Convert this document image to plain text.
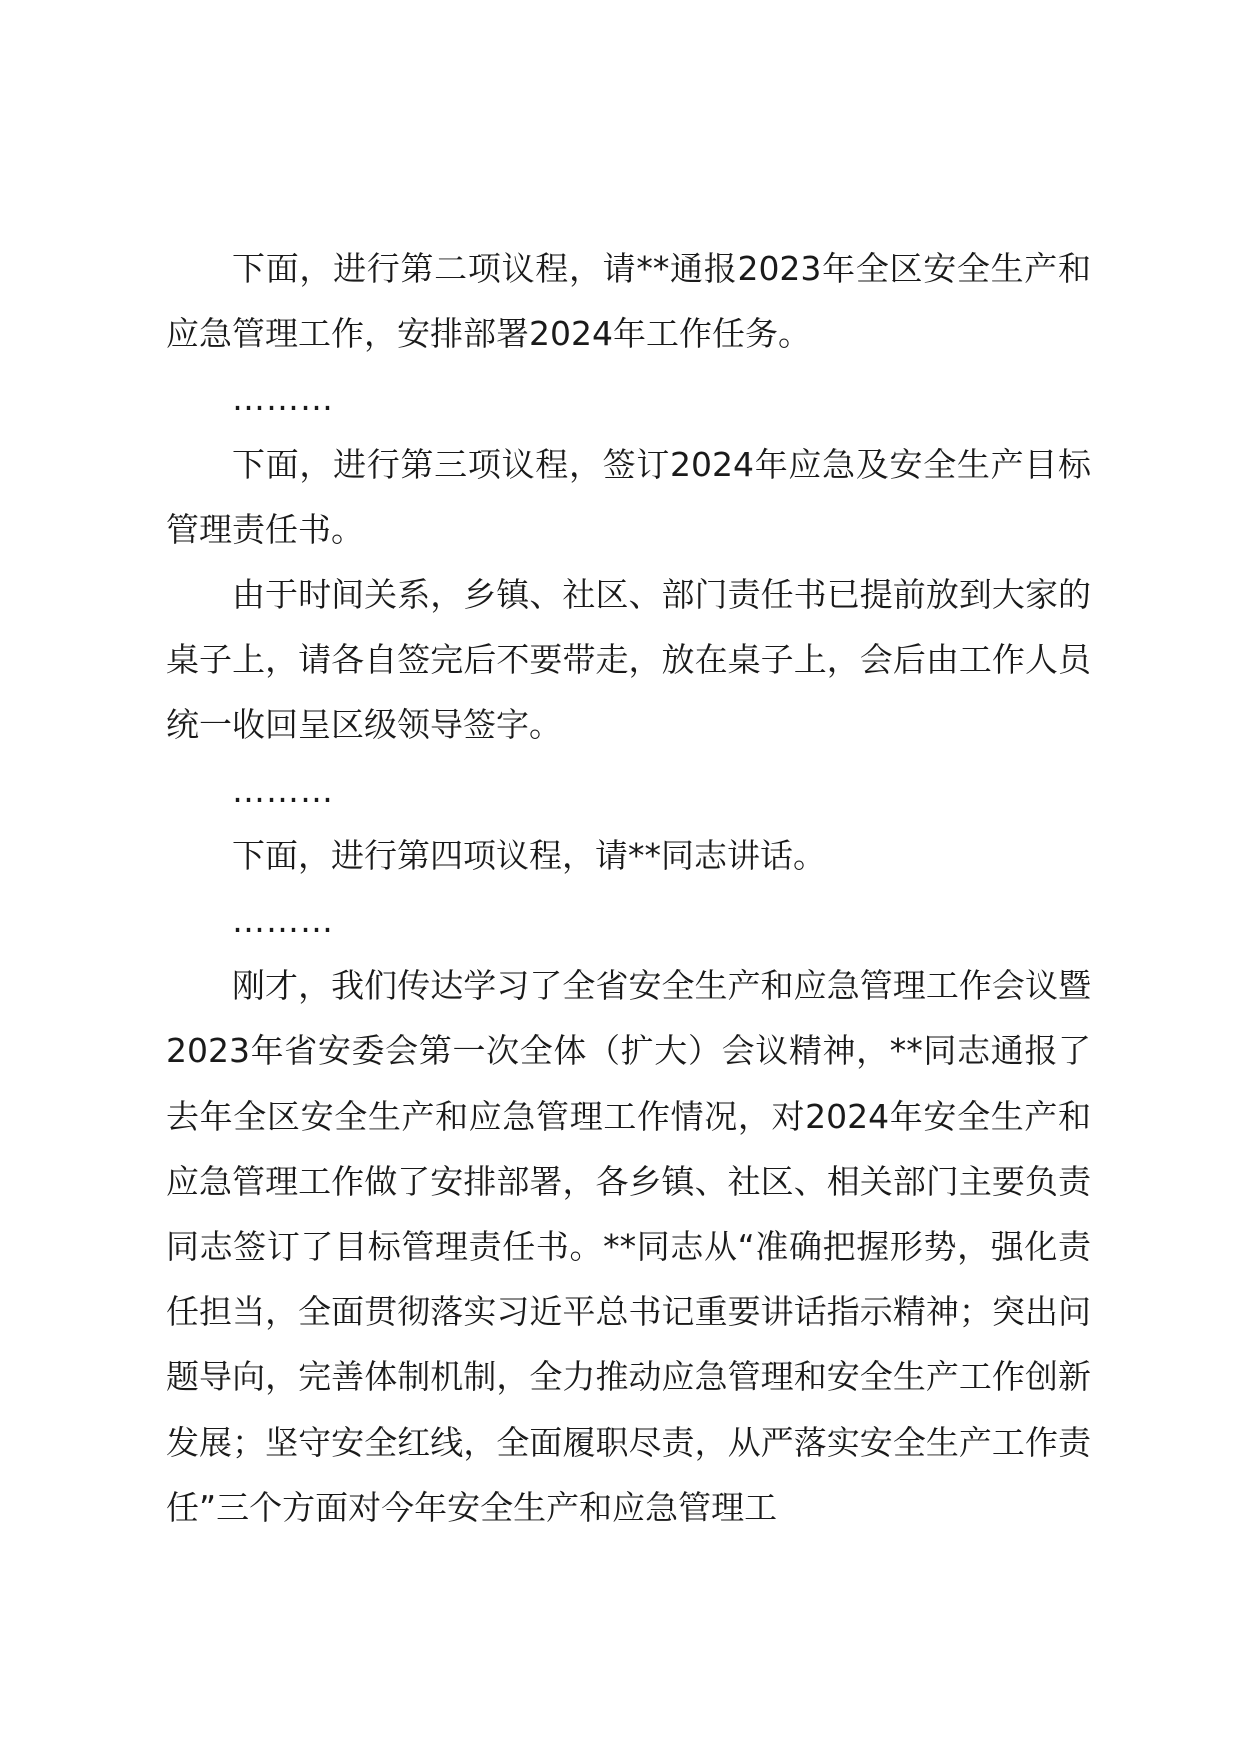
下面，进行第二项议程，请**通报2023年全区安全生产和应急管理工作，安排部署2024年工作任务。

………

下面，进行第三项议程，签订2024年应急及安全生产目标管理责任书。

由于时间关系，乡镇、社区、部门责任书已提前放到大家的桌子上，请各自签完后不要带走，放在桌子上，会后由工作人员统一收回呈区级领导签字。

………

下面，进行第四项议程，请**同志讲话。

………

刚才，我们传达学习了全省安全生产和应急管理工作会议暨2023年省安委会第一次全体（扩大）会议精神，**同志通报了去年全区安全生产和应急管理工作情况，对2024年安全生产和应急管理工作做了安排部署，各乡镇、社区、相关部门主要负责同志签订了目标管理责任书。**同志从“准确把握形势，强化责任担当，全面贯彻落实习近平总书记重要讲话指示精神；突出问题导向，完善体制机制，全力推动应急管理和安全生产工作创新发展；坚守安全红线，全面履职尽责，从严落实安全生产工作责任”三个方面对今年安全生产和应急管理工
